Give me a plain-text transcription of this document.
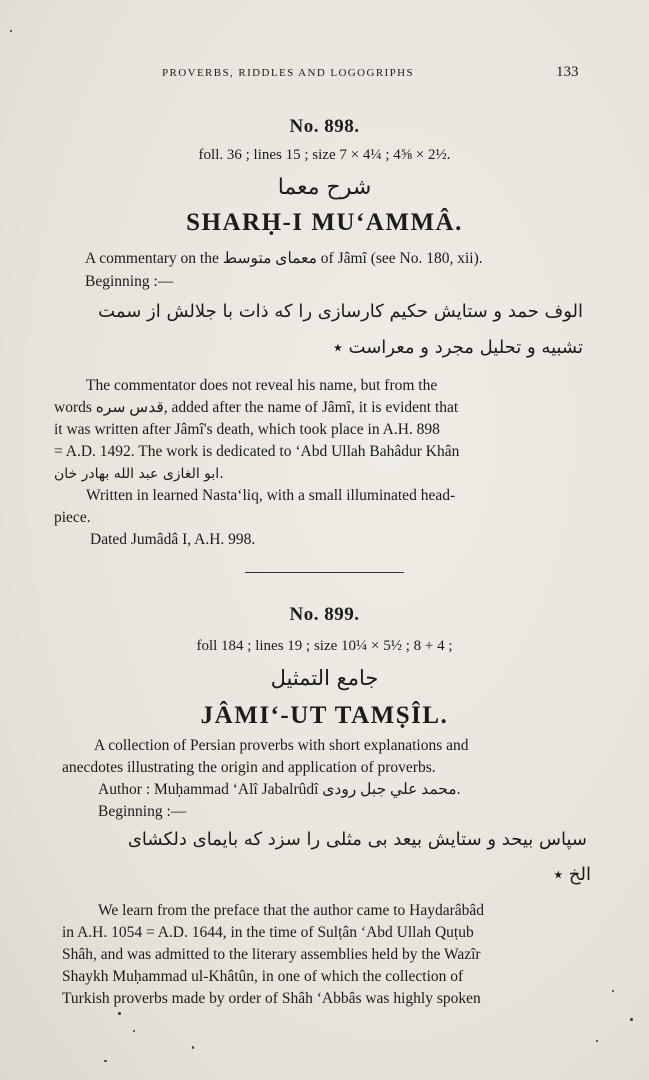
PROVERBS, RIDDLES AND LOGOGRIPHS	133
No. 898.
foll. 36 ; lines 15 ; size 7 × 4¼ ; 4⅝ × 2½.
شرح معما
SHARḤ-I MU‘AMMÂ.
A commentary on the معمای متوسط of Jâmî (see No. 180, xii).
Beginning :—
الوف حمد و ستایش حکیم کارسازی را که ذات با جلالش از سمت
تشبیه و تحلیل مجرد و معراست ٭
The commentator does not reveal his name, but from the
words قدس سره, added after the name of Jâmî, it is evident that
it was written after Jâmî's death, which took place in A.H. 898
= A.D. 1492. The work is dedicated to ‘Abd Ullah Bahâdur Khân
ابو الغازی عبد الله بهادر خان.
Written in learned Nasta‘liq, with a small illuminated head-
piece.
Dated Jumâdâ I, A.H. 998.
No. 899.
foll 184 ; lines 19 ; size 10¼ × 5½ ; 8 + 4 ;
جامع التمثیل
JÂMI‘-UT TAMṢÎL.
A collection of Persian proverbs with short explanations and
anecdotes illustrating the origin and application of proverbs.
Author : Muḥammad ‘Alî Jabalrûdî محمد علي جبل رودی.
Beginning :—
سپاس بیحد و ستایش بیعد بی مثلی را سزد که بایمای دلکشای
الخ ٭
We learn from the preface that the author came to Haydarâbâd
in A.H. 1054 = A.D. 1644, in the time of Sulṭân ‘Abd Ullah Quṭub
Shâh, and was admitted to the literary assemblies held by the Wazîr
Shaykh Muḥammad ul-Khâtûn, in one of which the collection of
Turkish proverbs made by order of Shâh ‘Abbâs was highly spoken
